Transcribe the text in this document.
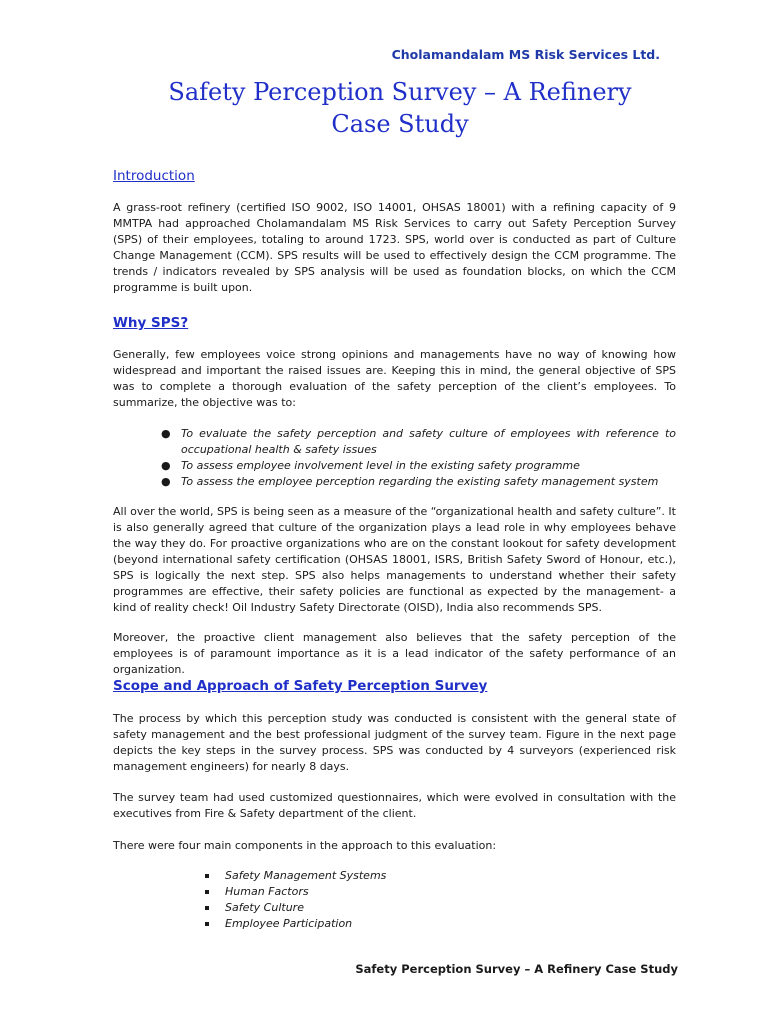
Cholamandalam MS Risk Services Ltd.
Safety Perception Survey – A Refinery
Case Study
Introduction

A grass-root refinery (certified ISO 9002, ISO 14001, OHSAS 18001) with a refining capacity of 9 MMTPA had approached Cholamandalam MS Risk Services to carry out Safety Perception Survey (SPS) of their employees, totaling to around 1723. SPS, world over is conducted as part of Culture Change Management (CCM). SPS results will be used to effectively design the CCM programme. The trends / indicators revealed by SPS analysis will be used as foundation blocks, on which the CCM programme is built upon.

Why SPS?

Generally, few employees voice strong opinions and managements have no way of knowing how widespread and important the raised issues are. Keeping this in mind, the general objective of SPS was to complete a thorough evaluation of the safety perception of the client’s employees. To summarize, the objective was to:

● To evaluate the safety perception and safety culture of employees with reference to occupational health & safety issues
● To assess employee involvement level in the existing safety programme
● To assess the employee perception regarding the existing safety management system

All over the world, SPS is being seen as a measure of the “organizational health and safety culture”. It is also generally agreed that culture of the organization plays a lead role in why employees behave the way they do. For proactive organizations who are on the constant lookout for safety development (beyond international safety certification (OHSAS 18001, ISRS, British Safety Sword of Honour, etc.), SPS is logically the next step. SPS also helps managements to understand whether their safety programmes are effective, their safety policies are functional as expected by the management- a kind of reality check! Oil Industry Safety Directorate (OISD), India also recommends SPS.

Moreover, the proactive client management also believes that the safety perception of the employees is of paramount importance as it is a lead indicator of the safety performance of an organization.

Scope and Approach of Safety Perception Survey

The process by which this perception study was conducted is consistent with the general state of safety management and the best professional judgment of the survey team. Figure in the next page depicts the key steps in the survey process. SPS was conducted by 4 surveyors (experienced risk management engineers) for nearly 8 days.

The survey team had used customized questionnaires, which were evolved in consultation with the executives from Fire & Safety department of the client.

There were four main components in the approach to this evaluation:

Safety Management Systems
Human Factors
Safety Culture
Employee Participation
Safety Perception Survey – A Refinery Case Study
